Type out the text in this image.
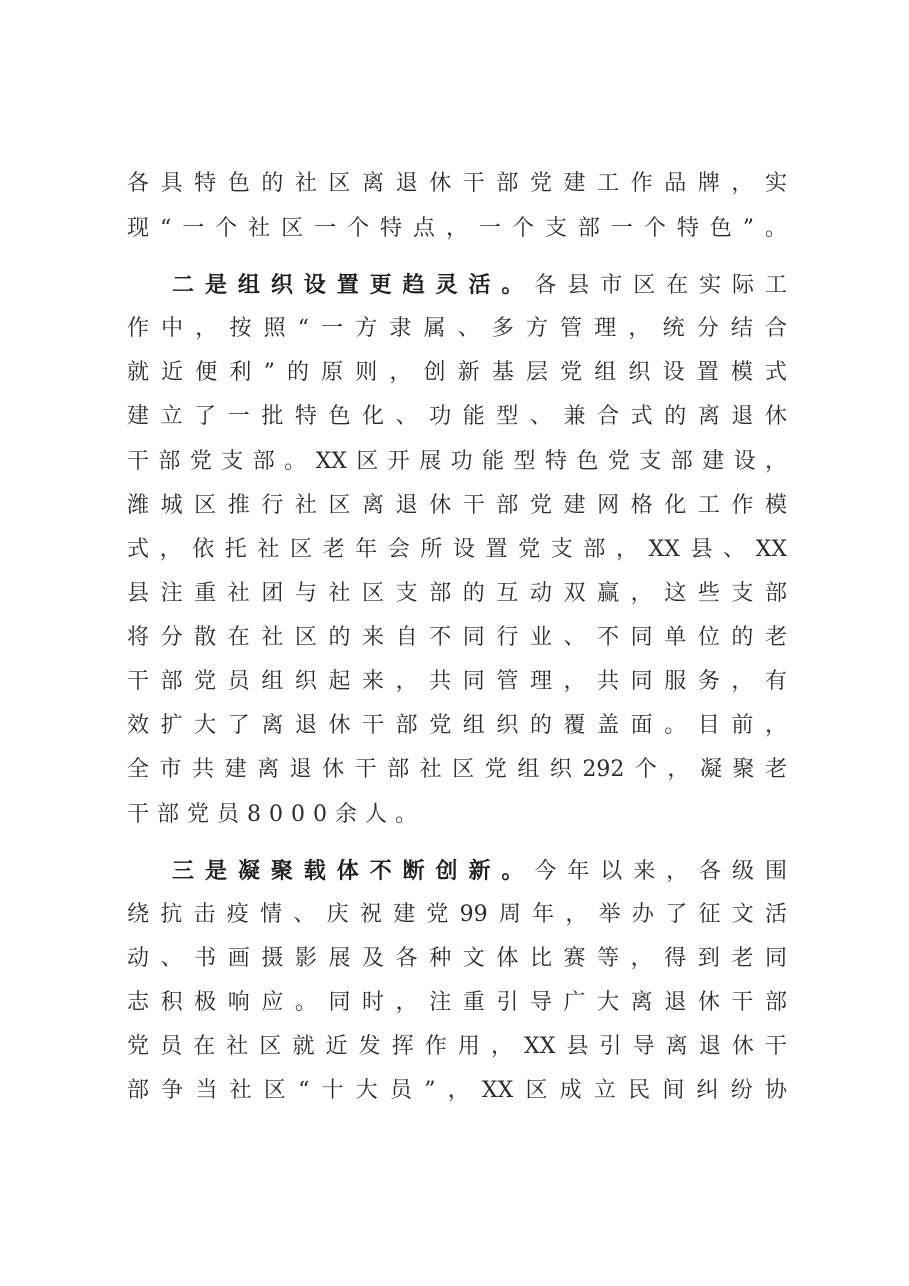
各具特色的社区离退休干部党建工作品牌，实
现“一个社区一个特点，一个支部一个特色”。
二是组织设置更趋灵活。各县市区在实际工
作中，按照“一方隶属、多方管理，统分结合
就近便利”的原则，创新基层党组织设置模式
建立了一批特色化、功能型、兼合式的离退休
干部党支部。XX区开展功能型特色党支部建设，
潍城区推行社区离退休干部党建网格化工作模
式，依托社区老年会所设置党支部，XX县、XX
县注重社团与社区支部的互动双赢，这些支部
将分散在社区的来自不同行业、不同单位的老
干部党员组织起来，共同管理，共同服务，有
效扩大了离退休干部党组织的覆盖面。目前，
全市共建离退休干部社区党组织292个，凝聚老
干部党员8000余人。
三是凝聚载体不断创新。今年以来，各级围
绕抗击疫情、庆祝建党99周年，举办了征文活
动、书画摄影展及各种文体比赛等，得到老同
志积极响应。同时，注重引导广大离退休干部
党员在社区就近发挥作用，XX县引导离退休干
部争当社区“十大员”，XX区成立民间纠纷协
